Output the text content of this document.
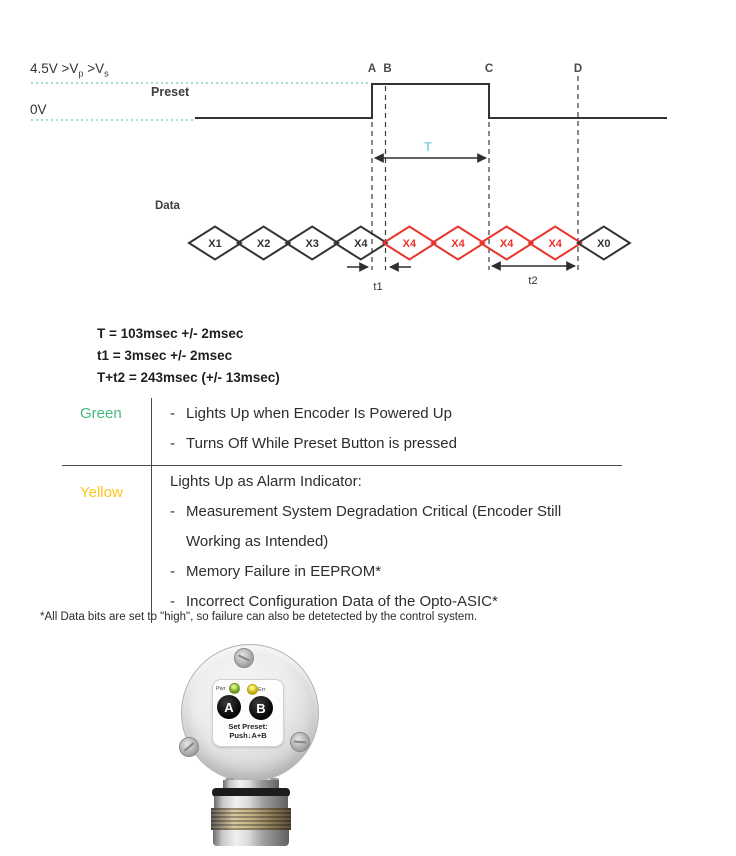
A B	C	D
T
X1	X2	X3	X4	X4	X4	X4	X4	X0
t1	t2
$4.5V >V_p >V_s$
Preset
0V
Data
T = 103msec +/- 2msec
t1 = 3msec +/- 2msec
T+t2 = 243msec (+/- 13msec)
Green	- Lights Up when Encoder Is Powered Up
- Turns Off While Preset Button is pressed
Yellow
Lights Up as Alarm Indicator:
- Measurement System Degradation Critical (Encoder Still Working as Intended)
- Memory Failure in EEPROM*
- Incorrect Configuration Data of the Opto-ASIC*
*All Data bits are set to "high", so failure can also be detetected by the control system.
Pwr	Err
A B
Set Preset:
Push↓A+B
